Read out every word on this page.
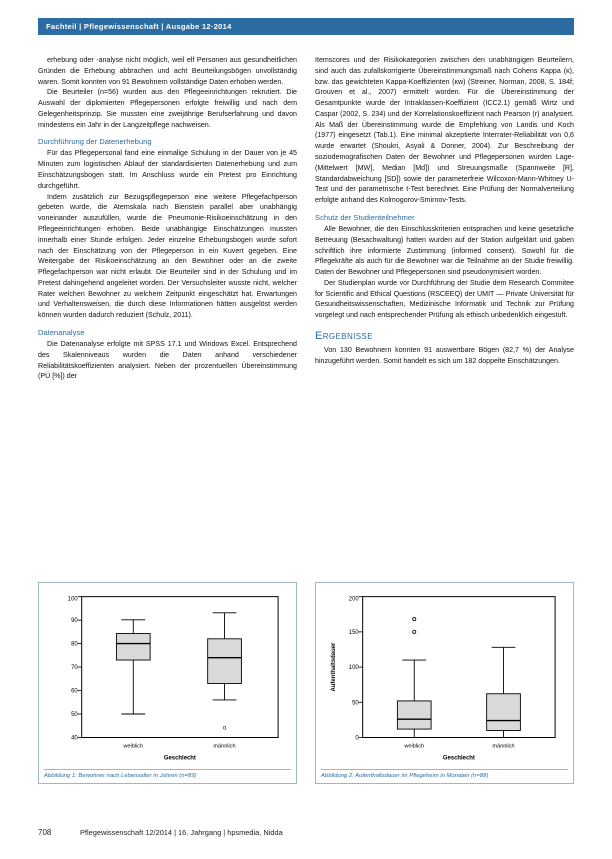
Fachteil | Pflegewissenschaft | Ausgabe 12·2014

erhebung oder -analyse nicht möglich, weil elf Personen aus gesundheitlichen Gründen die Erhebung abbrachen und acht Beurteilungsbögen unvollständig waren. Somit konnten von 91 Bewohnern vollständige Daten erhoben werden.

Die Beurteiler (n=56) wurden aus den Pflegeeinrichtungen rekrutiert. Die Auswahl der diplomierten Pflegepersonen erfolgte freiwillig und nach dem Gelegenheitsprinzip. Sie mussten eine zweijährige Berufserfahrung und davon mindestens ein Jahr in der Langzeitpflege nachweisen.

Durchführung der Datenerhebung

Für das Pflegepersonal fand eine einmalige Schulung in der Dauer von je 45 Minuten zum logistischen Ablauf der standardisierten Datenerhebung und zum Einschätzungsbogen statt. Im Anschluss wurde ein Pretest pro Einrichtung durchgeführt.

Indem zusätzlich zur Bezugspflegeperson eine weitere Pflegefachperson gebeten wurde, die Atemskala nach Bienstein parallel aber unabhängig voneinander auszufüllen, wurde die Pneumonie-Risikoeinschätzung in den Pflegeeinrichtungen erhoben. Beide unabhängige Einschätzungen mussten innerhalb einer Stunde erfolgen. Jeder einzelne Erhebungsbogen wurde sofort nach der Einschätzung von der Pflegeperson in ein Kuvert gegeben. Eine Weitergabe der Risikoeinschätzung an den Bewohner oder an die zweite Pflegefachperson war nicht erlaubt. Die Beurteiler sind in der Schulung und im Pretest dahingehend angeleitet worden. Der Versuchsleiter wusste nicht, welcher Rater welchen Bewohner zu welchem Zeitpunkt eingeschätzt hat. Erwartungen und Verhaltensweisen, die durch diese Informationen hätten ausgelöst werden können wurden dadurch reduziert (Schulz, 2011).

Datenanalyse

Die Datenanalyse erfolgte mit SPSS 17.1 und Windows Excel. Entsprechend des Skalenniveaus wurden die Daten anhand verschiedener Reliabilitätskoeffizienten analysiert. Neben der prozentuellen Übereinstimmung (PÜ [%]) der

Itemscores und der Risikokategorien zwischen den unabhängigen Beurteilern, sind auch das zufallskorrigierte Übereinstimmungsmaß nach Cohens Kappa (κ), bzw. das gewichteten Kappa-Koeffizienten (κw) (Streiner, Norman, 2008, S. 184f; Grouven et al., 2007) ermittelt worden. Für die Übereinstimmung der Gesamtpunkte wurde der Intraklassen-Koeffizient (ICC2.1) gemäß Wirtz und Caspar (2002, S. 234) und der Korrelationskoeffizient nach Pearson (r) analysiert. Als Maß der Übereinstimmung wurde die Empfehlung von Landis und Koch (1977) eingesetzt (Tab.1). Eine minimal akzeptierte Interrater-Reliabilität von 0,6 wurde erwartet (Shoukri, Asyali & Donner, 2004). Zur Beschreibung der soziodemografischen Daten der Bewohner und Pflegepersonen wurden Lage- (Mittelwert [MW], Median [Md]) und Streuungsmaße (Spannweite [R], Standardabweichung [SD]) sowie der parameterfreie Wilcoxon-Mann-Whitney U-Test und der parametrische t-Test berechnet. Eine Prüfung der Normalverteilung erfolgte anhand des Kolmogorov-Smirnov-Tests.

Schutz der Studienteilnehmer

Alle Bewohner, die den Einschlusskriterien entsprachen und keine gesetzliche Betreuung (Besachwaltung) hatten wurden auf der Station aufgeklärt und gaben schriftlich ihre informierte Zustimmung (informed consent). Sowohl für die Pflegekräfte als auch für die Bewohner war die Teilnahme an der Studie freiwillig. Daten der Bewohner und Pflegepersonen sind pseudonymisiert worden.

Der Studienplan wurde vor Durchführung der Studie dem Research Commitee for Scientific and Ethical Questions (RSCEEQ) der UMIT — Private Universität für Gesundheitswissenschaften, Medizinische Informatik und Technik zur Prüfung vorgelegt und nach entsprechender Prüfung als ethisch unbedenklich eingestuft.

Ergebnisse

Von 130 Bewohnern konnten 91 auswertbare Bögen (82,7 %) der Analyse hinzugeführt werden. Somit handelt es sich um 182 doppelte Einschätzungen.

40
50
60
70
80
90
100
o
weiblich	männlich
Geschlecht
Abbildung 1: Bewohner nach Lebensalter in Jahren (n=89)
0
50
100
150
200
Aufenthaltsdauer
weiblich	männlich
Geschlecht
Abbildung 2: Aufenthaltsdauer im Pflegeheim in Monaten (n=88)
708	Pflegewissenschaft 12/2014 | 16. Jahrgang | hpsmedia, Nidda
